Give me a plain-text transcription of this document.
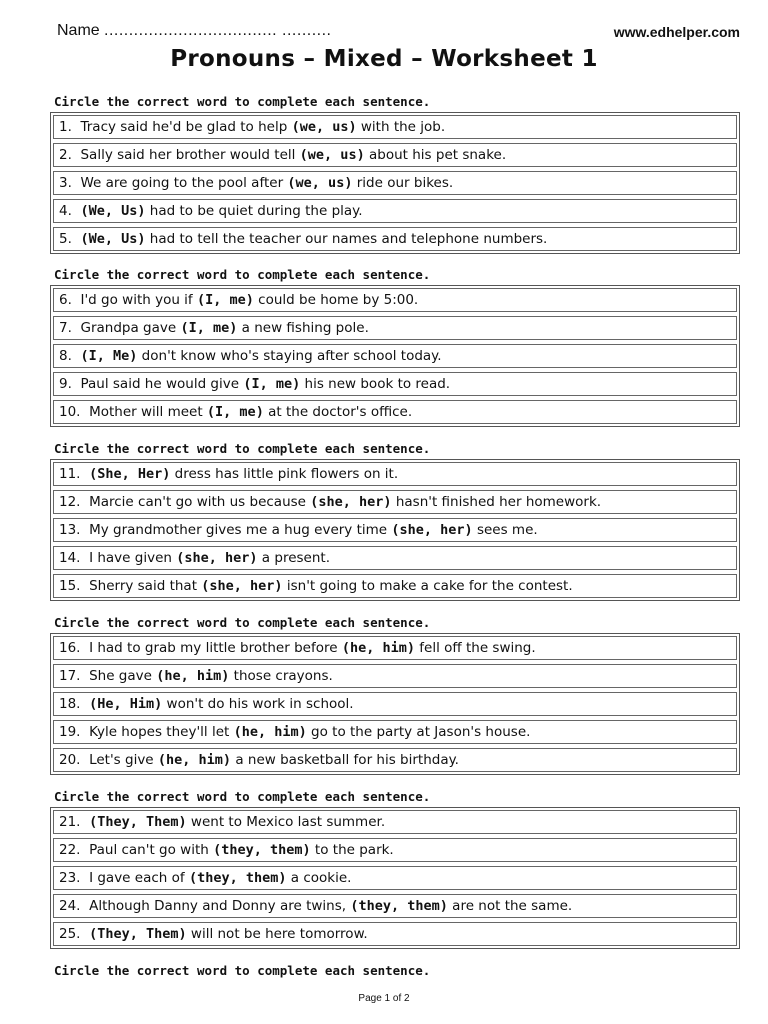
Name ................................... ..........	www.edhelper.com
Pronouns – Mixed – Worksheet 1
Circle the correct word to complete each sentence.
1. Tracy said he'd be glad to help (we, us) with the job.
2. Sally said her brother would tell (we, us) about his pet snake.
3. We are going to the pool after (we, us) ride our bikes.
4. (We, Us) had to be quiet during the play.
5. (We, Us) had to tell the teacher our names and telephone numbers.
Circle the correct word to complete each sentence.
6. I'd go with you if (I, me) could be home by 5:00.
7. Grandpa gave (I, me) a new fishing pole.
8. (I, Me) don't know who's staying after school today.
9. Paul said he would give (I, me) his new book to read.
10. Mother will meet (I, me) at the doctor's office.
Circle the correct word to complete each sentence.
11. (She, Her) dress has little pink flowers on it.
12. Marcie can't go with us because (she, her) hasn't finished her homework.
13. My grandmother gives me a hug every time (she, her) sees me.
14. I have given (she, her) a present.
15. Sherry said that (she, her) isn't going to make a cake for the contest.
Circle the correct word to complete each sentence.
16. I had to grab my little brother before (he, him) fell off the swing.
17. She gave (he, him) those crayons.
18. (He, Him) won't do his work in school.
19. Kyle hopes they'll let (he, him) go to the party at Jason's house.
20. Let's give (he, him) a new basketball for his birthday.
Circle the correct word to complete each sentence.
21. (They, Them) went to Mexico last summer.
22. Paul can't go with (they, them) to the park.
23. I gave each of (they, them) a cookie.
24. Although Danny and Donny are twins, (they, them) are not the same.
25. (They, Them) will not be here tomorrow.
Circle the correct word to complete each sentence.
Page 1 of 2
